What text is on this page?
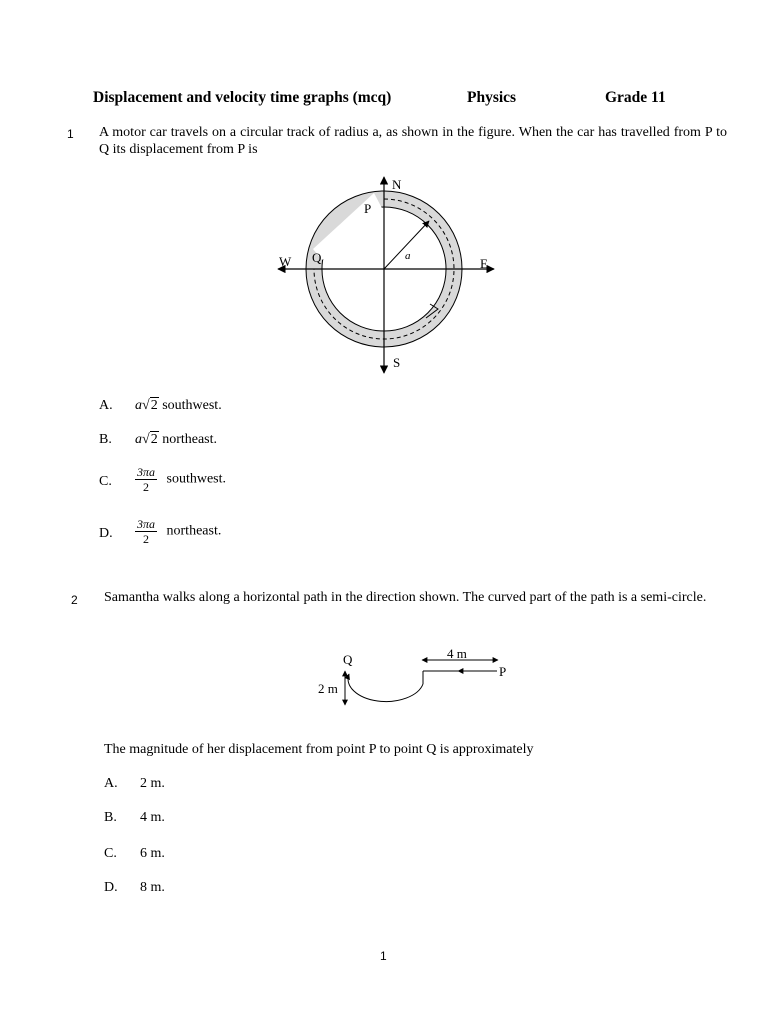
Displacement and velocity time graphs (mcq)	Physics	Grade 11
1 A motor car travels on a circular track of radius a, as shown in the figure. When the car has travelled from P to Q its displacement from P is
N
S
W	E
P
Q	a
A. a√2 southwest.
B. a√2 northeast.
C. $\frac{3\pi a}{2}$ southwest.
D. $\frac{3\pi a}{2}$ northeast.
2 Samantha walks along a horizontal path in the direction shown. The curved part of the path is a semi-circle.
Q
P
4 m
2 m
The magnitude of her displacement from point P to point Q is approximately
A. 2 m.
B. 4 m.
C. 6 m.
D. 8 m.
1
